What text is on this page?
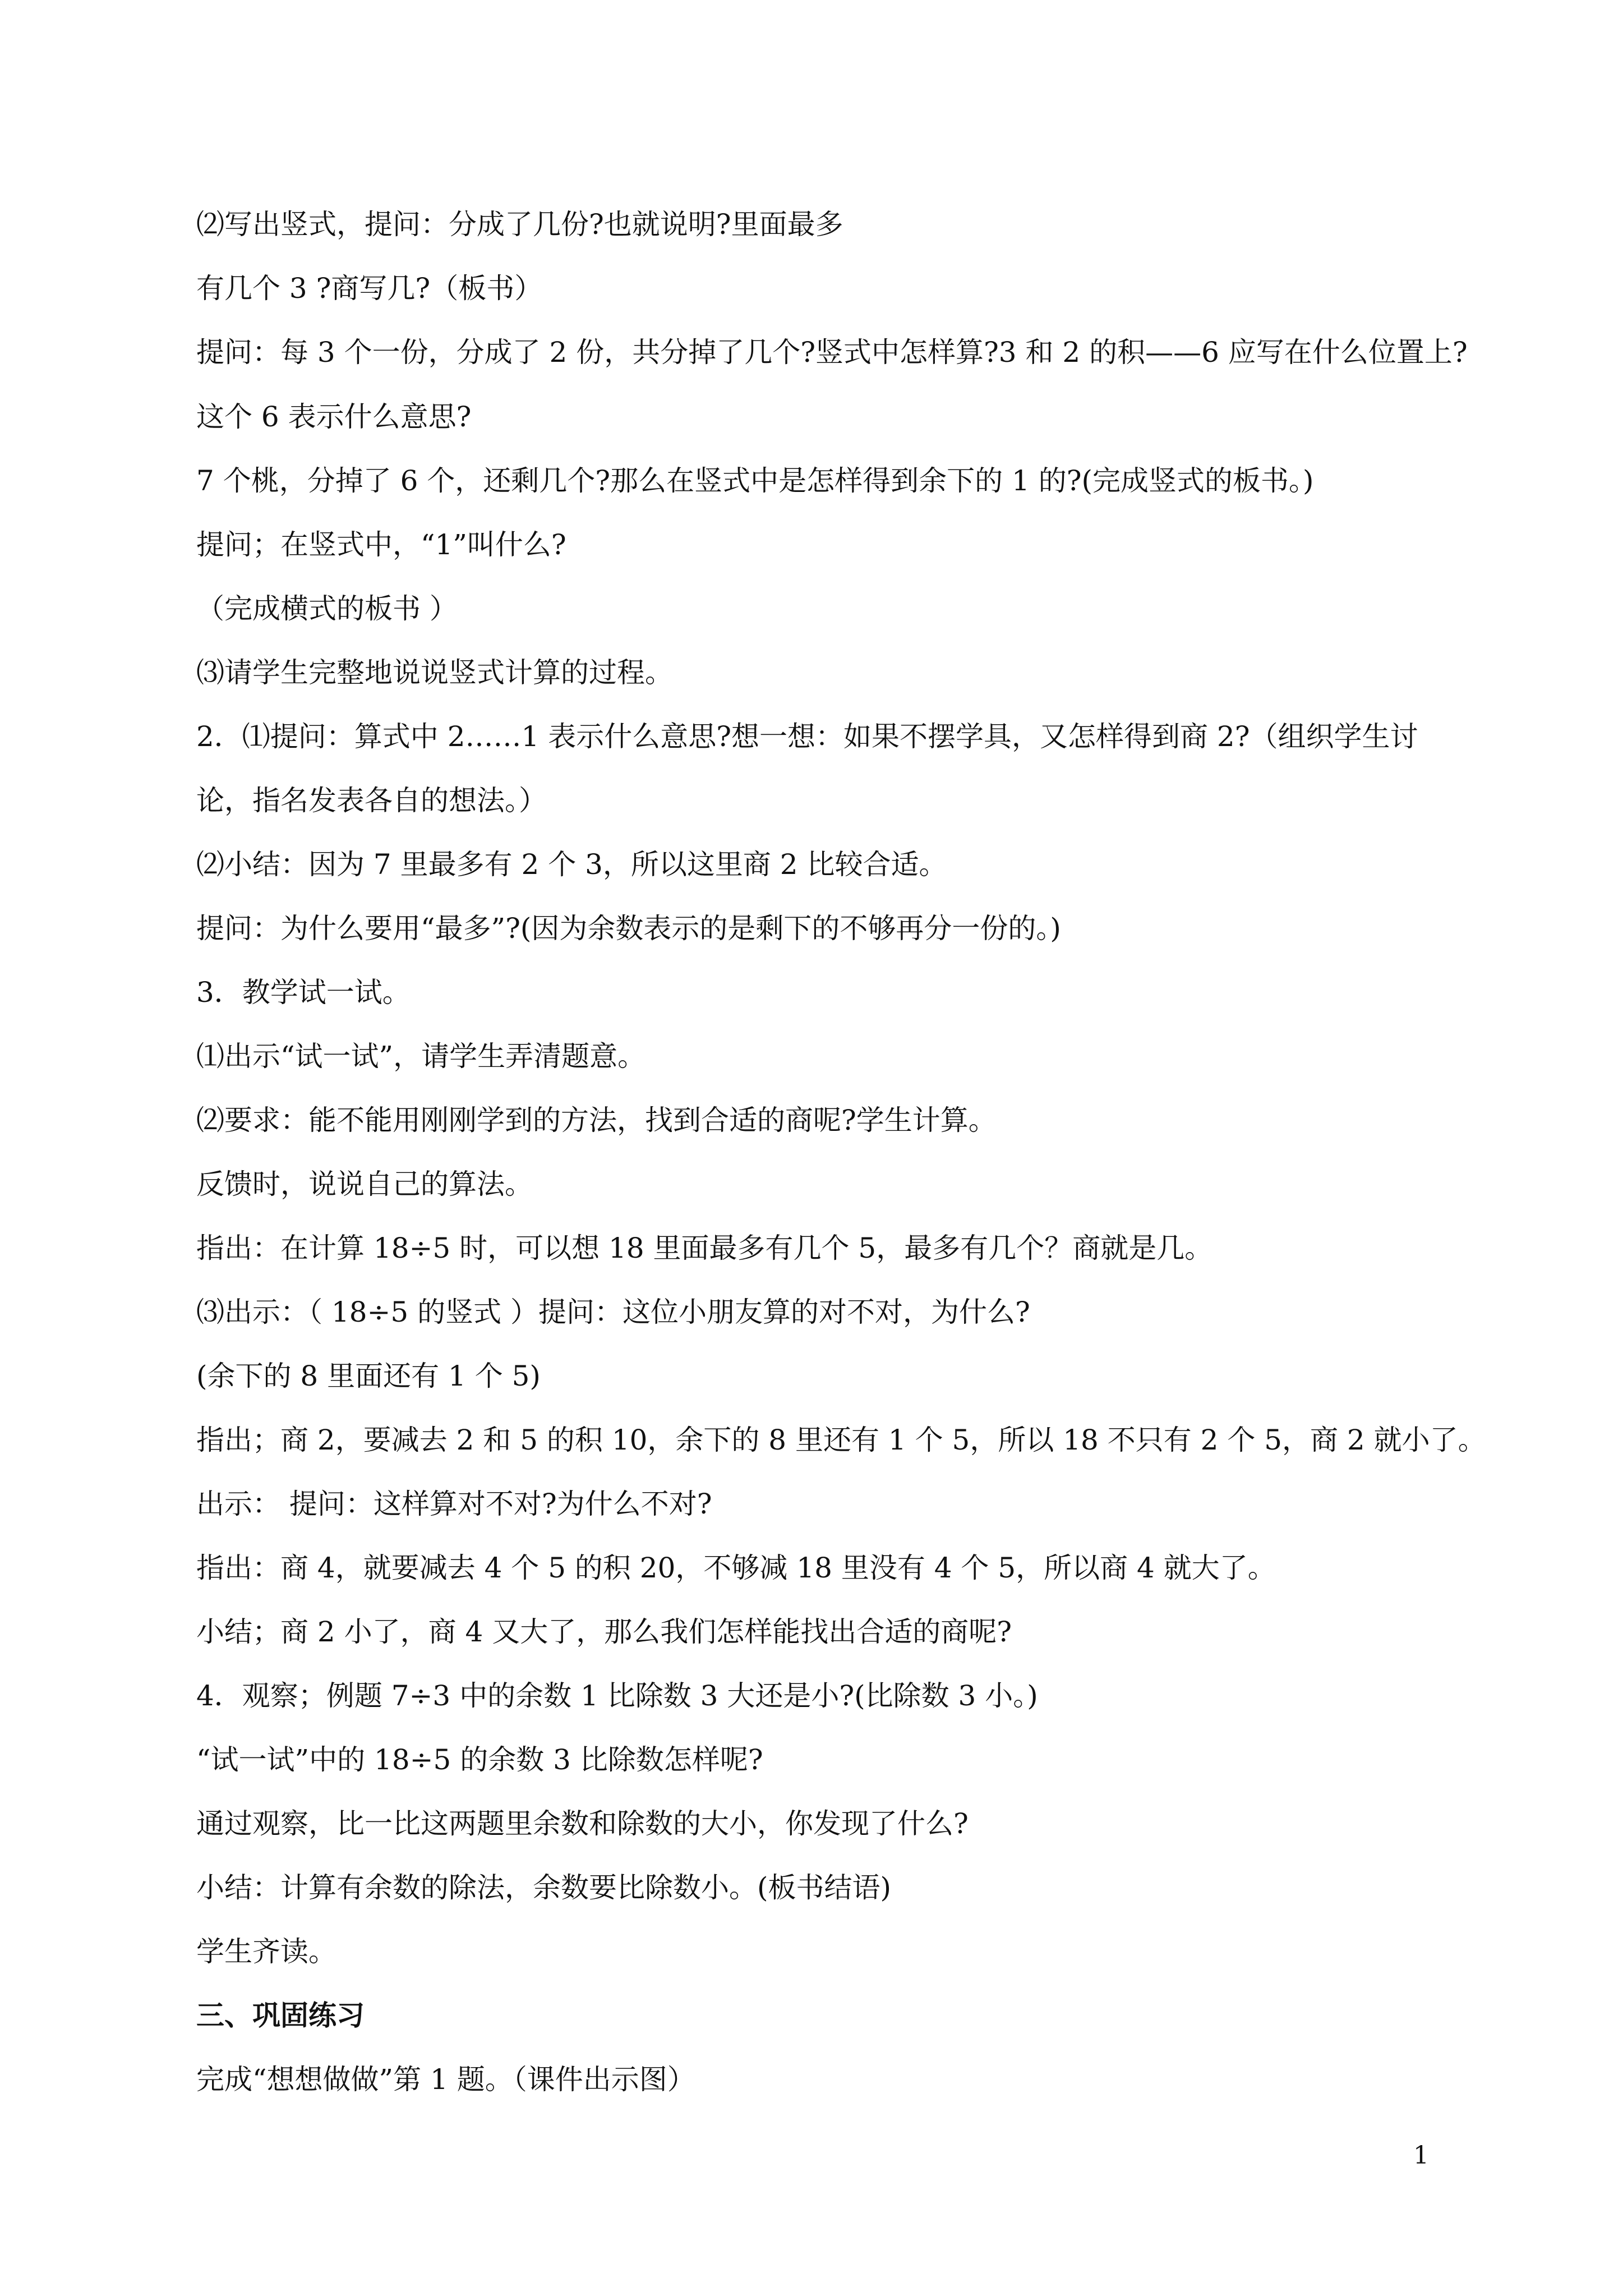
⑵写出竖式，提问：分成了几份?也就说明?里面最多
有几个 3 ?商写几?（板书）
提问：每 3 个一份，分成了 2 份，共分掉了几个?竖式中怎样算?3 和 2 的积——6 应写在什么位置上?
这个 6 表示什么意思?
7 个桃，分掉了 6 个，还剩几个?那么在竖式中是怎样得到余下的 1 的?(完成竖式的板书。)
提问；在竖式中，“1”叫什么?
（完成横式的板书 ）
⑶请学生完整地说说竖式计算的过程。
2．⑴提问：算式中 2……1 表示什么意思?想一想：如果不摆学具，又怎样得到商 2?（组织学生讨
论，指名发表各自的想法。）
⑵小结：因为 7 里最多有 2 个 3，所以这里商 2 比较合适。
提问：为什么要用“最多”?(因为余数表示的是剩下的不够再分一份的。)
3．教学试一试。
⑴出示“试一试”，请学生弄清题意。
⑵要求：能不能用刚刚学到的方法，找到合适的商呢?学生计算。
反馈时，说说自己的算法。
指出：在计算 18÷5 时，可以想 18 里面最多有几个 5，最多有几个？商就是几。
⑶出示：（ 18÷5 的竖式 ）提问：这位小朋友算的对不对，为什么?
(余下的 8 里面还有 1 个 5)
指出；商 2，要减去 2 和 5 的积 10，余下的 8 里还有 1 个 5，所以 18 不只有 2 个 5，商 2 就小了。
出示： 提问：这样算对不对?为什么不对?
指出：商 4，就要减去 4 个 5 的积 20，不够减 18 里没有 4 个 5，所以商 4 就大了。
小结；商 2 小了，商 4 又大了，那么我们怎样能找出合适的商呢?
4．观察；例题 7÷3 中的余数 1 比除数 3 大还是小?(比除数 3 小。)
“试一试”中的 18÷5 的余数 3 比除数怎样呢?
通过观察，比一比这两题里余数和除数的大小，你发现了什么?
小结：计算有余数的除法，余数要比除数小。(板书结语)
学生齐读。
三、巩固练习
完成“想想做做”第 1 题。（课件出示图）
1
